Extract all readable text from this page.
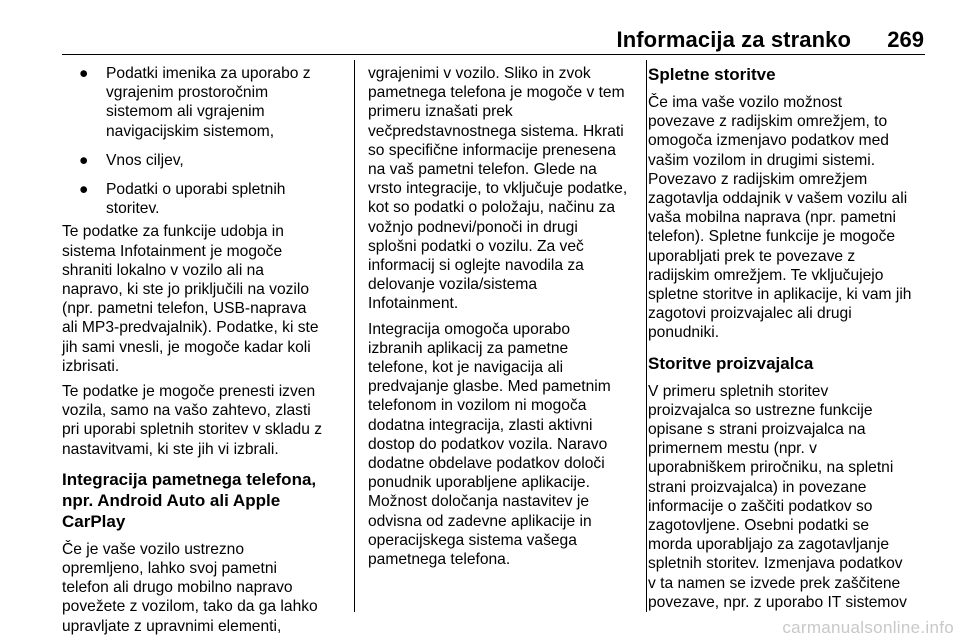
Informacija za stranko 269
● Podatki imenika za uporabo z
vgrajenim prostoročnim
sistemom ali vgrajenim
navigacijskim sistemom,
● Vnos ciljev,
● Podatki o uporabi spletnih
storitev.

Te podatke za funkcije udobja in
sistema Infotainment je mogoče
shraniti lokalno v vozilo ali na
napravo, ki ste jo priključili na vozilo
(npr. pametni telefon, USB-naprava
ali MP3-predvajalnik). Podatke, ki ste
jih sami vnesli, je mogoče kadar koli
izbrisati.

Te podatke je mogoče prenesti izven
vozila, samo na vašo zahtevo, zlasti
pri uporabi spletnih storitev v skladu z
nastavitvami, ki ste jih vi izbrali.

Integracija pametnega telefona,
npr. Android Auto ali Apple
CarPlay

Če je vaše vozilo ustrezno
opremljeno, lahko svoj pametni
telefon ali drugo mobilno napravo
povežete z vozilom, tako da ga lahko
upravljate z upravnimi elementi,

vgrajenimi v vozilo. Sliko in zvok
pametnega telefona je mogoče v tem
primeru iznašati prek
večpredstavnostnega sistema. Hkrati
so specifične informacije prenesena
na vaš pametni telefon. Glede na
vrsto integracije, to vključuje podatke,
kot so podatki o položaju, načinu za
vožnjo podnevi/ponoči in drugi
splošni podatki o vozilu. Za več
informacij si oglejte navodila za
delovanje vozila/sistema
Infotainment.

Integracija omogoča uporabo
izbranih aplikacij za pametne
telefone, kot je navigacija ali
predvajanje glasbe. Med pametnim
telefonom in vozilom ni mogoča
dodatna integracija, zlasti aktivni
dostop do podatkov vozila. Naravo
dodatne obdelave podatkov določi
ponudnik uporabljene aplikacije.
Možnost določanja nastavitev je
odvisna od zadevne aplikacije in
operacijskega sistema vašega
pametnega telefona.

Spletne storitve

Če ima vaše vozilo možnost
povezave z radijskim omrežjem, to
omogoča izmenjavo podatkov med
vašim vozilom in drugimi sistemi.
Povezavo z radijskim omrežjem
zagotavlja oddajnik v vašem vozilu ali
vaša mobilna naprava (npr. pametni
telefon). Spletne funkcije je mogoče
uporabljati prek te povezave z
radijskim omrežjem. Te vključujejo
spletne storitve in aplikacije, ki vam jih
zagotovi proizvajalec ali drugi
ponudniki.

Storitve proizvajalca

V primeru spletnih storitev
proizvajalca so ustrezne funkcije
opisane s strani proizvajalca na
primernem mestu (npr. v
uporabniškem priročniku, na spletni
strani proizvajalca) in povezane
informacije o zaščiti podatkov so
zagotovljene. Osebni podatki se
morda uporabljajo za zagotavljanje
spletnih storitev. Izmenjava podatkov
v ta namen se izvede prek zaščitene
povezave, npr. z uporabo IT sistemov

carmanualsonline.info
